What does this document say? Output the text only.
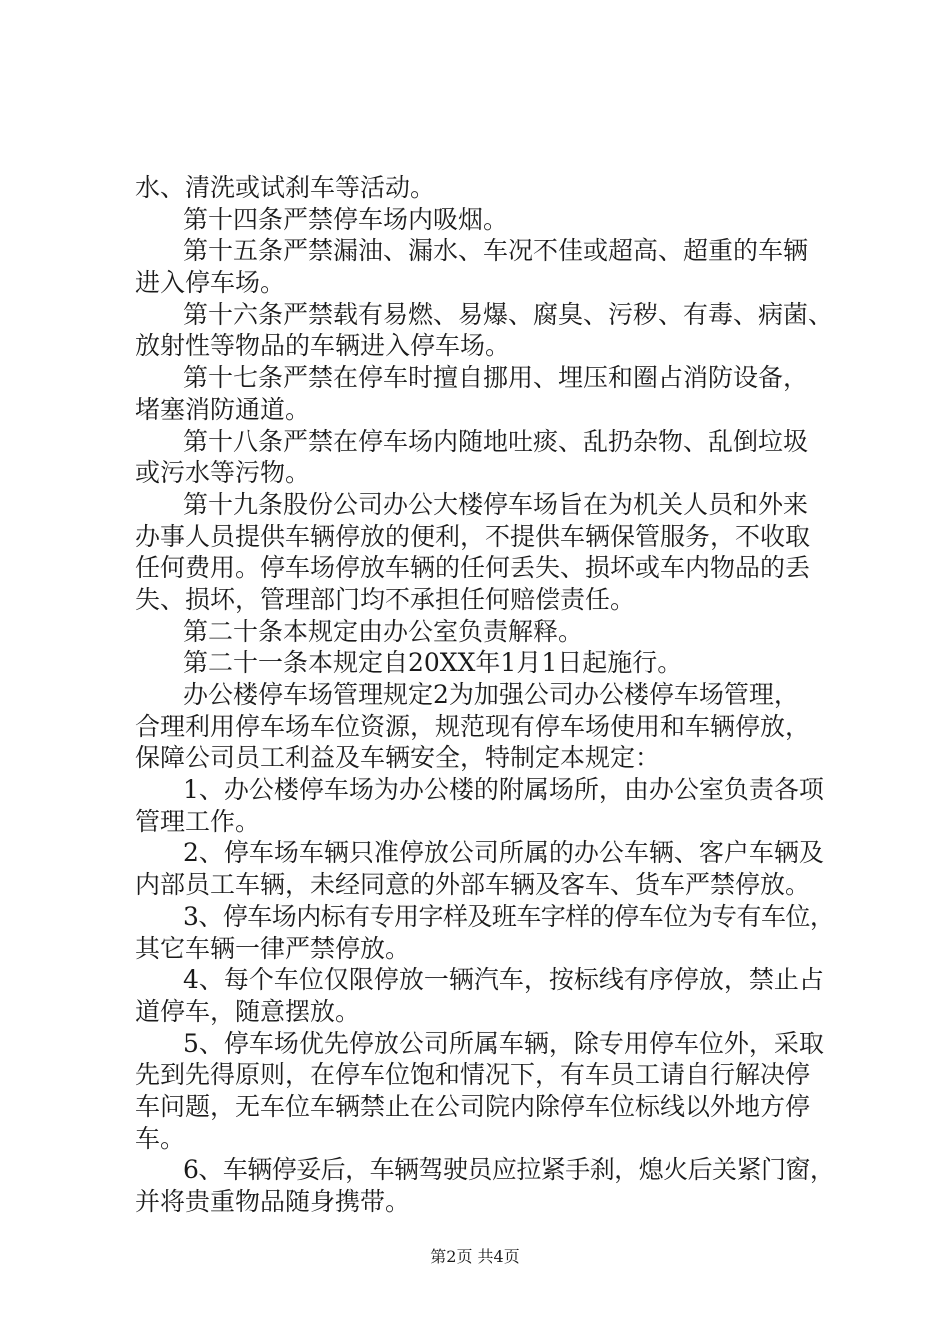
水、清洗或试刹车等活动。
第十四条严禁停车场内吸烟。
第十五条严禁漏油、漏水、车况不佳或超高、超重的车辆
进入停车场。
第十六条严禁载有易燃、易爆、腐臭、污秽、有毒、病菌、
放射性等物品的车辆进入停车场。
第十七条严禁在停车时擅自挪用、埋压和圈占消防设备，
堵塞消防通道。
第十八条严禁在停车场内随地吐痰、乱扔杂物、乱倒垃圾
或污水等污物。
第十九条股份公司办公大楼停车场旨在为机关人员和外来
办事人员提供车辆停放的便利，不提供车辆保管服务，不收取
任何费用。停车场停放车辆的任何丢失、损坏或车内物品的丢
失、损坏，管理部门均不承担任何赔偿责任。
第二十条本规定由办公室负责解释。
第二十一条本规定自20XX年1月1日起施行。
办公楼停车场管理规定2为加强公司办公楼停车场管理，
合理利用停车场车位资源，规范现有停车场使用和车辆停放，
保障公司员工利益及车辆安全，特制定本规定：
1、办公楼停车场为办公楼的附属场所，由办公室负责各项
管理工作。
2、停车场车辆只准停放公司所属的办公车辆、客户车辆及
内部员工车辆，未经同意的外部车辆及客车、货车严禁停放。
3、停车场内标有专用字样及班车字样的停车位为专有车位，
其它车辆一律严禁停放。
4、每个车位仅限停放一辆汽车，按标线有序停放，禁止占
道停车，随意摆放。
5、停车场优先停放公司所属车辆，除专用停车位外，采取
先到先得原则，在停车位饱和情况下，有车员工请自行解决停
车问题，无车位车辆禁止在公司院内除停车位标线以外地方停
车。
6、车辆停妥后，车辆驾驶员应拉紧手刹，熄火后关紧门窗，
并将贵重物品随身携带。
第2页 共4页
